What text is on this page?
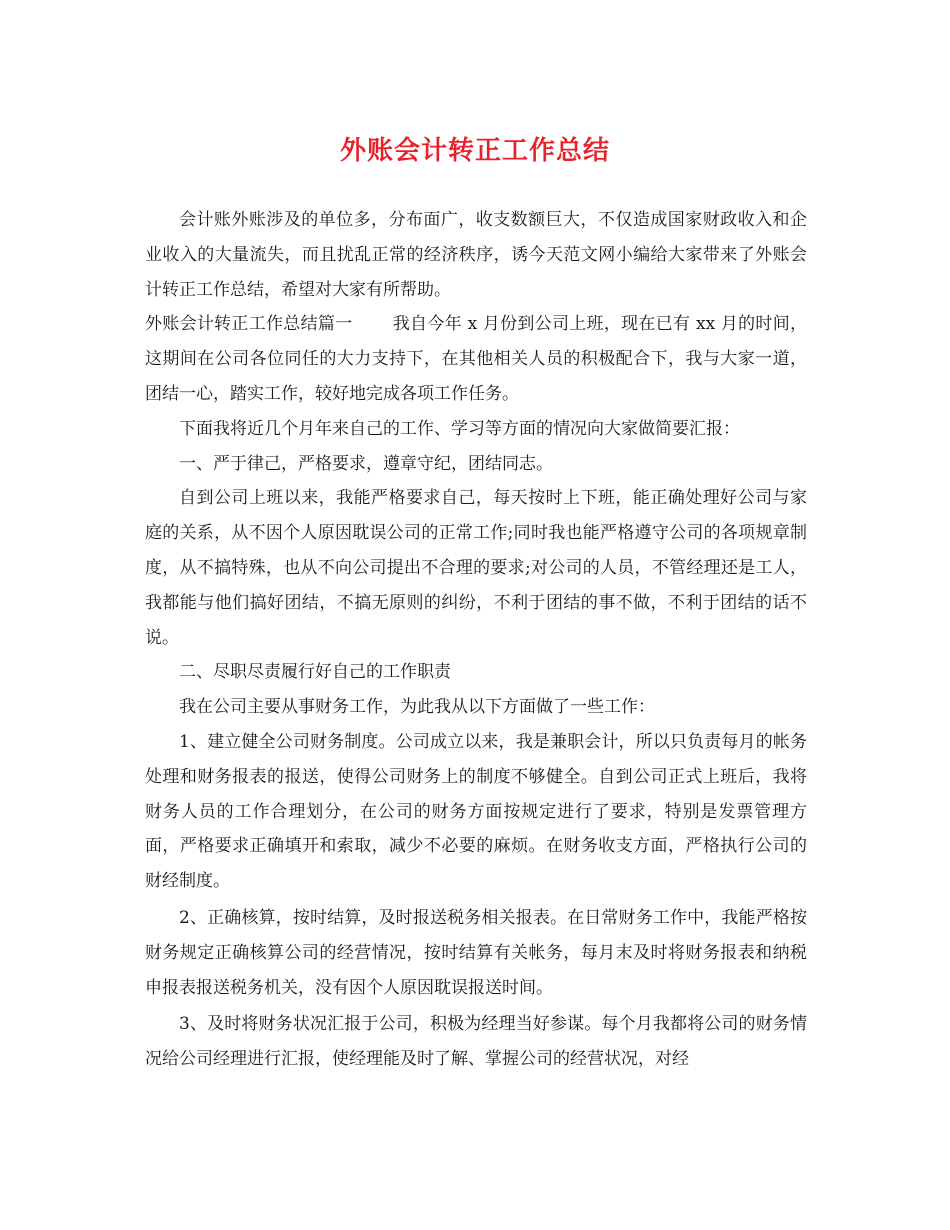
外账会计转正工作总结

会计账外账涉及的单位多，分布面广，收支数额巨大，不仅造成国家财政收入和企业收入的大量流失，而且扰乱正常的经济秩序，诱今天范文网小编给大家带来了外账会计转正工作总结，希望对大家有所帮助。

外账会计转正工作总结篇一 我自今年 x 月份到公司上班，现在已有 xx 月的时间，这期间在公司各位同任的大力支持下，在其他相关人员的积极配合下，我与大家一道，团结一心，踏实工作，较好地完成各项工作任务。

下面我将近几个月年来自己的工作、学习等方面的情况向大家做简要汇报：

一、严于律己，严格要求，遵章守纪，团结同志。

自到公司上班以来，我能严格要求自己，每天按时上下班，能正确处理好公司与家庭的关系，从不因个人原因耽误公司的正常工作;同时我也能严格遵守公司的各项规章制度，从不搞特殊，也从不向公司提出不合理的要求;对公司的人员，不管经理还是工人，我都能与他们搞好团结，不搞无原则的纠纷，不利于团结的事不做，不利于团结的话不说。

二、尽职尽责履行好自己的工作职责

我在公司主要从事财务工作，为此我从以下方面做了一些工作：

1、建立健全公司财务制度。公司成立以来，我是兼职会计，所以只负责每月的帐务处理和财务报表的报送，使得公司财务上的制度不够健全。自到公司正式上班后，我将财务人员的工作合理划分，在公司的财务方面按规定进行了要求，特别是发票管理方面，严格要求正确填开和索取，减少不必要的麻烦。在财务收支方面，严格执行公司的财经制度。

2、正确核算，按时结算，及时报送税务相关报表。在日常财务工作中，我能严格按财务规定正确核算公司的经营情况，按时结算有关帐务，每月末及时将财务报表和纳税申报表报送税务机关，没有因个人原因耽误报送时间。

3、及时将财务状况汇报于公司，积极为经理当好参谋。每个月我都将公司的财务情况给公司经理进行汇报，使经理能及时了解、掌握公司的经营状况，对经
